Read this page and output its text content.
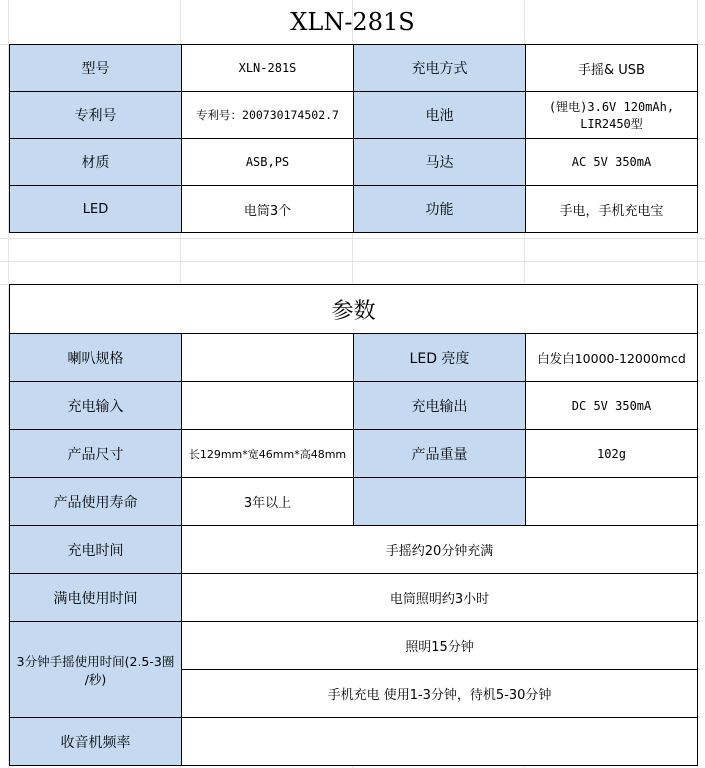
XLN-281S
型号	XLN-281S	充电方式	手摇& USB
专利号	专利号：200730174502.7	电池	(锂电)3.6V 120mAh,
LIR2450型

材质	ASB,PS	马达	AC 5V 350mA
LED	电筒3个	功能	手电，手机充电宝
参数			
喇叭规格		LED 亮度	白发白10000-12000mcd
充电输入		充电输出	DC 5V 350mA
产品尺寸	长129mm*宽46mm*高48mm	产品重量	102g
产品使用寿命	3年以上		
充电时间	手摇约20分钟充满		
满电使用时间	电筒照明约3小时		

3分钟手摇使用时间(2.5-3圈
/秒)	照明15分钟		
	手机充电 使用1-3分钟，待机5-30分钟		
收音机频率			
